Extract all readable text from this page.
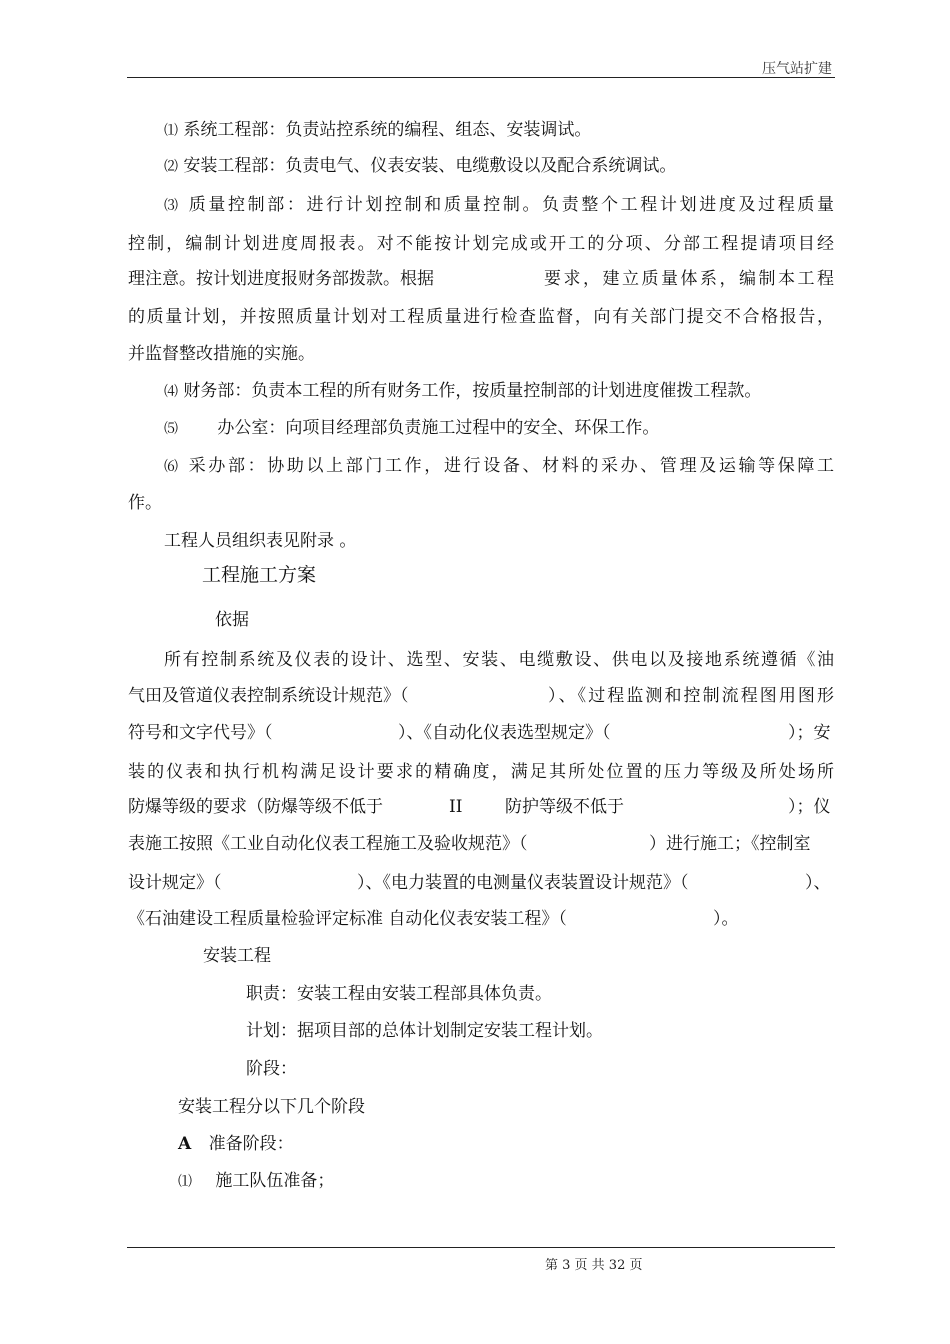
压气站扩建
⑴ 系统工程部：负责站控系统的编程、组态、安装调试。
⑵ 安装工程部：负责电气、仪表安装、电缆敷设以及配合系统调试。
⑶ 质量控制部：进行计划控制和质量控制。负责整个工程计划进度及过程质量
控制，编制计划进度周报表。对不能按计划完成或开工的分项、分部工程提请项目经
理注意。按计划进度报财务部拨款。根据	要求，建立质量体系，编制本工程
的质量计划，并按照质量计划对工程质量进行检查监督，向有关部门提交不合格报告，
并监督整改措施的实施。
⑷ 财务部：负责本工程的所有财务工作，按质量控制部的计划进度催拨工程款。
⑸ 办公室：向项目经理部负责施工过程中的安全、环保工作。
⑹ 采办部：协助以上部门工作，进行设备、材料的采办、管理及运输等保障工
作。
工程人员组织表见附录 。
工程施工方案
依据
所有控制系统及仪表的设计、选型、安装、电缆敷设、供电以及接地系统遵循《油
气田及管道仪表控制系统设计规范》（	）、《过程监测和控制流程图用图形
符号和文字代号》（	）、《自动化仪表选型规定》（	）；安
装的仪表和执行机构满足设计要求的精确度，满足其所处位置的压力等级及所处场所
防爆等级的要求（防爆等级不低于	II	防护等级不低于	）；仪
表施工按照《工业自动化仪表工程施工及验收规范》（	）进行施工；《控制室
设计规定》（	）、《电力装置的电测量仪表装置设计规范》（	）、
《石油建设工程质量检验评定标准 自动化仪表安装工程》（	）。
安装工程
职责：安装工程由安装工程部具体负责。
计划：据项目部的总体计划制定安装工程计划。
阶段：
安装工程分以下几个阶段
A 准备阶段：
⑴ 施工队伍准备；
第 3 页 共 32 页
